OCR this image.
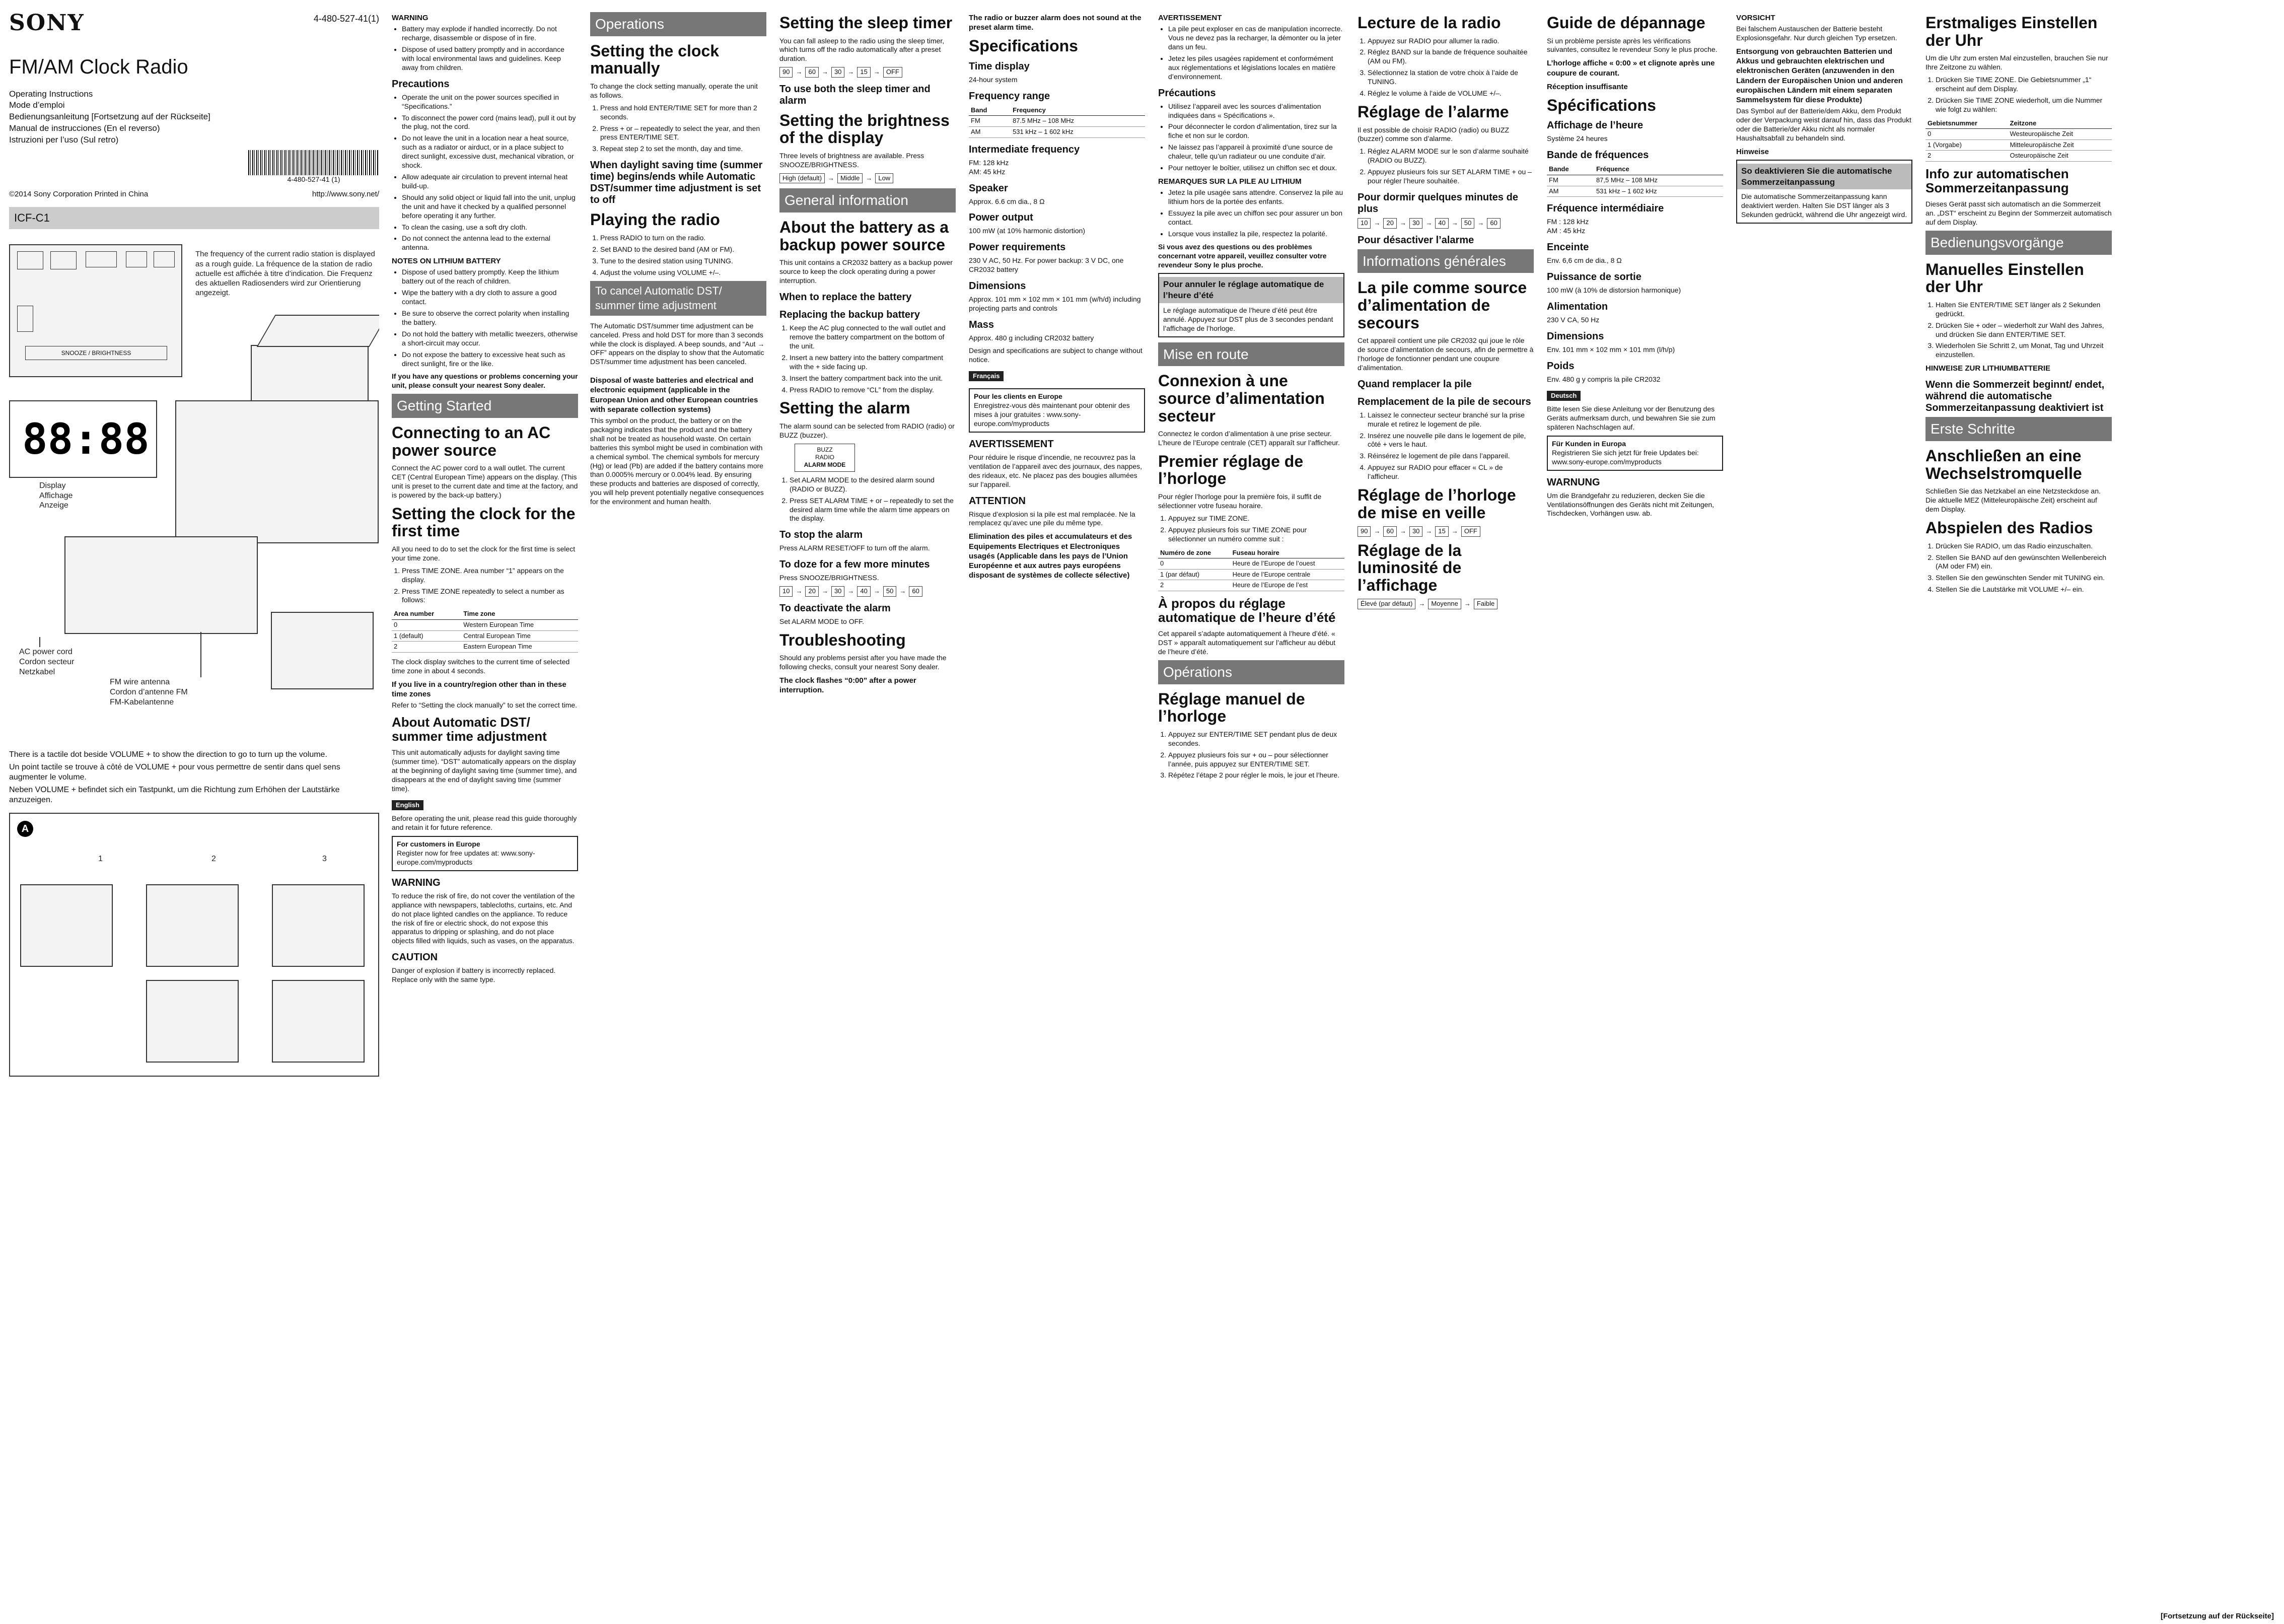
SONY	4-480-527-41(1)
FM/AM Clock Radio
Operating Instructions
Mode d’emploi
Bedienungsanleitung [Fortsetzung auf der Rückseite]
Manual de instrucciones (En el reverso)
Istruzioni per l’uso (Sul retro)
4-480-527-41 (1)
©2014 Sony Corporation Printed in China	http://www.sony.net/
ICF-C1
The frequency of the current radio station is displayed as a rough guide. La fréquence de la station de radio actuelle est affichée à titre d’indication. Die Frequenz des aktuellen Radiosenders wird zur Orientierung angezeigt.
SNOOZE / BRIGHTNESS
88:88
Display
Affichage
Anzeige
AC power cord
Cordon secteur
Netzkabel
FM wire antenna
Cordon d’antenne FM
FM-Kabelantenne
There is a tactile dot beside VOLUME + to show the direction to go to turn up the volume.
Un point tactile se trouve à côté de VOLUME + pour vous permettre de sentir dans quel sens augmenter le volume.
Neben VOLUME + befindet sich ein Tastpunkt, um die Richtung zum Erhöhen der Lautstärke anzuzeigen.
A
1	2	3
WARNING
• Battery may explode if handled incorrectly. Do not recharge, disassemble or dispose of in fire.
• Dispose of used battery promptly and in accordance with local environmental laws and guidelines. Keep away from children.
Precautions
• Operate the unit on the power sources specified in “Specifications.”
• To disconnect the power cord (mains lead), pull it out by the plug, not the cord.
• Do not leave the unit in a location near a heat source, such as a radiator or airduct, or in a place subject to direct sunlight, excessive dust, mechanical vibration, or shock.
• Allow adequate air circulation to prevent internal heat build-up.
• Should any solid object or liquid fall into the unit, unplug the unit and have it checked by a qualified personnel before operating it any further.
• To clean the casing, use a soft dry cloth.
• Do not connect the antenna lead to the external antenna.
NOTES ON LITHIUM BATTERY
• Dispose of used battery promptly. Keep the lithium battery out of the reach of children.
• Wipe the battery with a dry cloth to assure a good contact.
• Be sure to observe the correct polarity when installing the battery.
• Do not hold the battery with metallic tweezers, otherwise a short-circuit may occur.
• Do not expose the battery to excessive heat such as direct sunlight, fire or the like.

If you have any questions or problems concerning your unit, please consult your nearest Sony dealer.

Getting Started
Connecting to an AC power source

Connect the AC power cord to a wall outlet. The current CET (Central European Time) appears on the display. (This unit is preset to the current date and time at the factory, and is powered by the back-up battery.)

Setting the clock for the first time

All you need to do to set the clock for the first time is select your time zone.

1. Press TIME ZONE. Area number “1” appears on the display.
2. Press TIME ZONE repeatedly to select a number as follows:
Area number	Time zone
0	Western European Time
1 (default)	Central European Time
2	Eastern European Time

The clock display switches to the current time of selected time zone in about 4 seconds.

If you live in a country/region other than in these time zones

Refer to “Setting the clock manually” to set the correct time.

About Automatic DST/ summer time adjustment

This unit automatically adjusts for daylight saving time (summer time). “DST” automatically appears on the display at the beginning of daylight saving time (summer time), and disappears at the end of daylight saving time (summer time).

English

Before operating the unit, please read this guide thoroughly and retain it for future reference.

For customers in Europe
Register now for free updates at: www.sony-europe.com/myproducts
WARNING

To reduce the risk of fire, do not cover the ventilation of the appliance with newspapers, tablecloths, curtains, etc. And do not place lighted candles on the appliance. To reduce the risk of fire or electric shock, do not expose this apparatus to dripping or splashing, and do not place objects filled with liquids, such as vases, on the apparatus.

CAUTION

Danger of explosion if battery is incorrectly replaced. Replace only with the same type.

Operations
Setting the clock manually

To change the clock setting manually, operate the unit as follows.

1. Press and hold ENTER/TIME SET for more than 2 seconds.
2. Press + or – repeatedly to select the year, and then press ENTER/TIME SET.
3. Repeat step 2 to set the month, day and time.
When daylight saving time (summer time) begins/ends while Automatic DST/summer time adjustment is set to off
Playing the radio
1. Press RADIO to turn on the radio.
2. Set BAND to the desired band (AM or FM).
3. Tune to the desired station using TUNING.
4. Adjust the volume using VOLUME +/–.
To cancel Automatic DST/ summer time adjustment

The Automatic DST/summer time adjustment can be canceled. Press and hold DST for more than 3 seconds while the clock is displayed. A beep sounds, and “Aut → OFF” appears on the display to show that the Automatic DST/summer time adjustment has been canceled.

Disposal of waste batteries and electrical and electronic equipment (applicable in the European Union and other European countries with separate collection systems)

This symbol on the product, the battery or on the packaging indicates that the product and the battery shall not be treated as household waste. On certain batteries this symbol might be used in combination with a chemical symbol. The chemical symbols for mercury (Hg) or lead (Pb) are added if the battery contains more than 0.0005% mercury or 0.004% lead. By ensuring these products and batteries are disposed of correctly, you will help prevent potentially negative consequences for the environment and human health.

Setting the sleep timer

You can fall asleep to the radio using the sleep timer, which turns off the radio automatically after a preset duration.

90 → 60 → 30 → 15 → OFF
To use both the sleep timer and alarm
Setting the brightness of the display

Three levels of brightness are available. Press SNOOZE/BRIGHTNESS.

High (default) → Middle → Low
General information
About the battery as a backup power source

This unit contains a CR2032 battery as a backup power source to keep the clock operating during a power interruption.

When to replace the battery
Replacing the backup battery
1. Keep the AC plug connected to the wall outlet and remove the battery compartment on the bottom of the unit.
2. Insert a new battery into the battery compartment with the + side facing up.
3. Insert the battery compartment back into the unit.
4. Press RADIO to remove “CL” from the display.
Setting the alarm

The alarm sound can be selected from RADIO (radio) or BUZZ (buzzer).

BUZZ
RADIO
ALARM MODE
1. Set ALARM MODE to the desired alarm sound (RADIO or BUZZ).
2. Press SET ALARM TIME + or – repeatedly to set the desired alarm time while the alarm time appears on the display.
To stop the alarm

Press ALARM RESET/OFF to turn off the alarm.

To doze for a few more minutes

Press SNOOZE/BRIGHTNESS.

10 → 20 → 30 → 40 → 50 → 60
To deactivate the alarm

Set ALARM MODE to OFF.

Troubleshooting

Should any problems persist after you have made the following checks, consult your nearest Sony dealer.

The clock flashes “0:00” after a power interruption.
The radio or buzzer alarm does not sound at the preset alarm time.
Specifications
Time display

24-hour system

Frequency range
Band	Frequency
FM	87.5 MHz – 108 MHz
AM	531 kHz – 1 602 kHz
Intermediate frequency

FM: 128 kHz
AM: 45 kHz

Speaker

Approx. 6.6 cm dia., 8 Ω

Power output

100 mW (at 10% harmonic distortion)

Power requirements

230 V AC, 50 Hz. For power backup: 3 V DC, one CR2032 battery

Dimensions

Approx. 101 mm × 102 mm × 101 mm (w/h/d) including projecting parts and controls

Mass

Approx. 480 g including CR2032 battery

Design and specifications are subject to change without notice.

Français
Pour les clients en Europe
Enregistrez-vous dès maintenant pour obtenir des mises à jour gratuites : www.sony-europe.com/myproducts
AVERTISSEMENT

Pour réduire le risque d’incendie, ne recouvrez pas la ventilation de l’appareil avec des journaux, des nappes, des rideaux, etc. Ne placez pas des bougies allumées sur l’appareil.

ATTENTION

Risque d’explosion si la pile est mal remplacée. Ne la remplacez qu’avec une pile du même type.

Elimination des piles et accumulateurs et des Equipements Electriques et Electroniques usagés (Applicable dans les pays de l’Union Européenne et aux autres pays européens disposant de systèmes de collecte sélective)
AVERTISSEMENT
• La pile peut exploser en cas de manipulation incorrecte. Vous ne devez pas la recharger, la démonter ou la jeter dans un feu.
• Jetez les piles usagées rapidement et conformément aux réglementations et législations locales en matière d’environnement.
Précautions
• Utilisez l’appareil avec les sources d’alimentation indiquées dans « Spécifications ».
• Pour déconnecter le cordon d’alimentation, tirez sur la fiche et non sur le cordon.
• Ne laissez pas l’appareil à proximité d’une source de chaleur, telle qu’un radiateur ou une conduite d’air.
• Pour nettoyer le boîtier, utilisez un chiffon sec et doux.
REMARQUES SUR LA PILE AU LITHIUM
• Jetez la pile usagée sans attendre. Conservez la pile au lithium hors de la portée des enfants.
• Essuyez la pile avec un chiffon sec pour assurer un bon contact.
• Lorsque vous installez la pile, respectez la polarité.

Si vous avez des questions ou des problèmes concernant votre appareil, veuillez consulter votre revendeur Sony le plus proche.

Pour annuler le réglage automatique de l’heure d’été
Le réglage automatique de l’heure d’été peut être annulé. Appuyez sur DST plus de 3 secondes pendant l’affichage de l’horloge.
Mise en route
Connexion à une source d’alimentation secteur

Connectez le cordon d’alimentation à une prise secteur. L’heure de l’Europe centrale (CET) apparaît sur l’afficheur.

Premier réglage de l’horloge

Pour régler l’horloge pour la première fois, il suffit de sélectionner votre fuseau horaire.

1. Appuyez sur TIME ZONE.
2. Appuyez plusieurs fois sur TIME ZONE pour sélectionner un numéro comme suit :
Numéro de zone	Fuseau horaire
0	Heure de l’Europe de l’ouest
1 (par défaut)	Heure de l’Europe centrale
2	Heure de l’Europe de l’est
À propos du réglage automatique de l’heure d’été

Cet appareil s’adapte automatiquement à l’heure d’été. « DST » apparaît automatiquement sur l’afficheur au début de l’heure d’été.

Opérations
Réglage manuel de l’horloge
1. Appuyez sur ENTER/TIME SET pendant plus de deux secondes.
2. Appuyez plusieurs fois sur + ou – pour sélectionner l’année, puis appuyez sur ENTER/TIME SET.
3. Répétez l’étape 2 pour régler le mois, le jour et l’heure.
Lecture de la radio
1. Appuyez sur RADIO pour allumer la radio.
2. Réglez BAND sur la bande de fréquence souhaitée (AM ou FM).
3. Sélectionnez la station de votre choix à l’aide de TUNING.
4. Réglez le volume à l’aide de VOLUME +/–.
Réglage de l’alarme

Il est possible de choisir RADIO (radio) ou BUZZ (buzzer) comme son d’alarme.

1. Réglez ALARM MODE sur le son d’alarme souhaité (RADIO ou BUZZ).
2. Appuyez plusieurs fois sur SET ALARM TIME + ou – pour régler l’heure souhaitée.
Pour dormir quelques minutes de plus
10 → 20 → 30 → 40 → 50 → 60
Pour désactiver l’alarme
Informations générales
La pile comme source d’alimentation de secours

Cet appareil contient une pile CR2032 qui joue le rôle de source d’alimentation de secours, afin de permettre à l’horloge de fonctionner pendant une coupure d’alimentation.

Quand remplacer la pile
Remplacement de la pile de secours
1. Laissez le connecteur secteur branché sur la prise murale et retirez le logement de pile.
2. Insérez une nouvelle pile dans le logement de pile, côté + vers le haut.
3. Réinsérez le logement de pile dans l’appareil.
4. Appuyez sur RADIO pour effacer « CL » de l’afficheur.
Réglage de l’horloge de mise en veille
90 → 60 → 30 → 15 → OFF
Réglage de la luminosité de l’affichage
Élevé (par défaut) → Moyenne → Faible
Guide de dépannage

Si un problème persiste après les vérifications suivantes, consultez le revendeur Sony le plus proche.

L’horloge affiche « 0:00 » et clignote après une coupure de courant.
Réception insuffisante
Spécifications
Affichage de l’heure

Système 24 heures

Bande de fréquences
Bande	Fréquence
FM	87,5 MHz – 108 MHz
AM	531 kHz – 1 602 kHz
Fréquence intermédiaire

FM : 128 kHz
AM : 45 kHz

Enceinte

Env. 6,6 cm de dia., 8 Ω

Puissance de sortie

100 mW (à 10% de distorsion harmonique)

Alimentation

230 V CA, 50 Hz

Dimensions

Env. 101 mm × 102 mm × 101 mm (l/h/p)

Poids

Env. 480 g y compris la pile CR2032

Deutsch

Bitte lesen Sie diese Anleitung vor der Benutzung des Geräts aufmerksam durch, und bewahren Sie sie zum späteren Nachschlagen auf.

Für Kunden in Europa
Registrieren Sie sich jetzt für freie Updates bei: www.sony-europe.com/myproducts
WARNUNG

Um die Brandgefahr zu reduzieren, decken Sie die Ventilationsöffnungen des Geräts nicht mit Zeitungen, Tischdecken, Vorhängen usw. ab.

VORSICHT

Bei falschem Austauschen der Batterie besteht Explosionsgefahr. Nur durch gleichen Typ ersetzen.

Entsorgung von gebrauchten Batterien und Akkus und gebrauchten elektrischen und elektronischen Geräten (anzuwenden in den Ländern der Europäischen Union und anderen europäischen Ländern mit einem separaten Sammelsystem für diese Produkte)

Das Symbol auf der Batterie/dem Akku, dem Produkt oder der Verpackung weist darauf hin, dass das Produkt oder die Batterie/der Akku nicht als normaler Haushaltsabfall zu behandeln sind.

Hinweise
So deaktivieren Sie die automatische Sommerzeitanpassung
Die automatische Sommerzeitanpassung kann deaktiviert werden. Halten Sie DST länger als 3 Sekunden gedrückt, während die Uhr angezeigt wird.
Erstmaliges Einstellen der Uhr

Um die Uhr zum ersten Mal einzustellen, brauchen Sie nur Ihre Zeitzone zu wählen.

1. Drücken Sie TIME ZONE. Die Gebietsnummer „1“ erscheint auf dem Display.
2. Drücken Sie TIME ZONE wiederholt, um die Nummer wie folgt zu wählen:
Gebietsnummer	Zeitzone
0	Westeuropäische Zeit
1 (Vorgabe)	Mitteleuropäische Zeit
2	Osteuropäische Zeit
Info zur automatischen Sommerzeitanpassung

Dieses Gerät passt sich automatisch an die Sommerzeit an. „DST“ erscheint zu Beginn der Sommerzeit automatisch auf dem Display.

Bedienungsvorgänge
Manuelles Einstellen der Uhr
1. Halten Sie ENTER/TIME SET länger als 2 Sekunden gedrückt.
2. Drücken Sie + oder – wiederholt zur Wahl des Jahres, und drücken Sie dann ENTER/TIME SET.
3. Wiederholen Sie Schritt 2, um Monat, Tag und Uhrzeit einzustellen.
HINWEISE ZUR LITHIUMBATTERIE
Wenn die Sommerzeit beginnt/ endet, während die automatische Sommerzeitanpassung deaktiviert ist
Erste Schritte
Anschließen an eine Wechselstromquelle

Schließen Sie das Netzkabel an eine Netzsteckdose an. Die aktuelle MEZ (Mitteleuropäische Zeit) erscheint auf dem Display.

Abspielen des Radios
1. Drücken Sie RADIO, um das Radio einzuschalten.
2. Stellen Sie BAND auf den gewünschten Wellenbereich (AM oder FM) ein.
3. Stellen Sie den gewünschten Sender mit TUNING ein.
4. Stellen Sie die Lautstärke mit VOLUME +/– ein.
[Fortsetzung auf der Rückseite]
